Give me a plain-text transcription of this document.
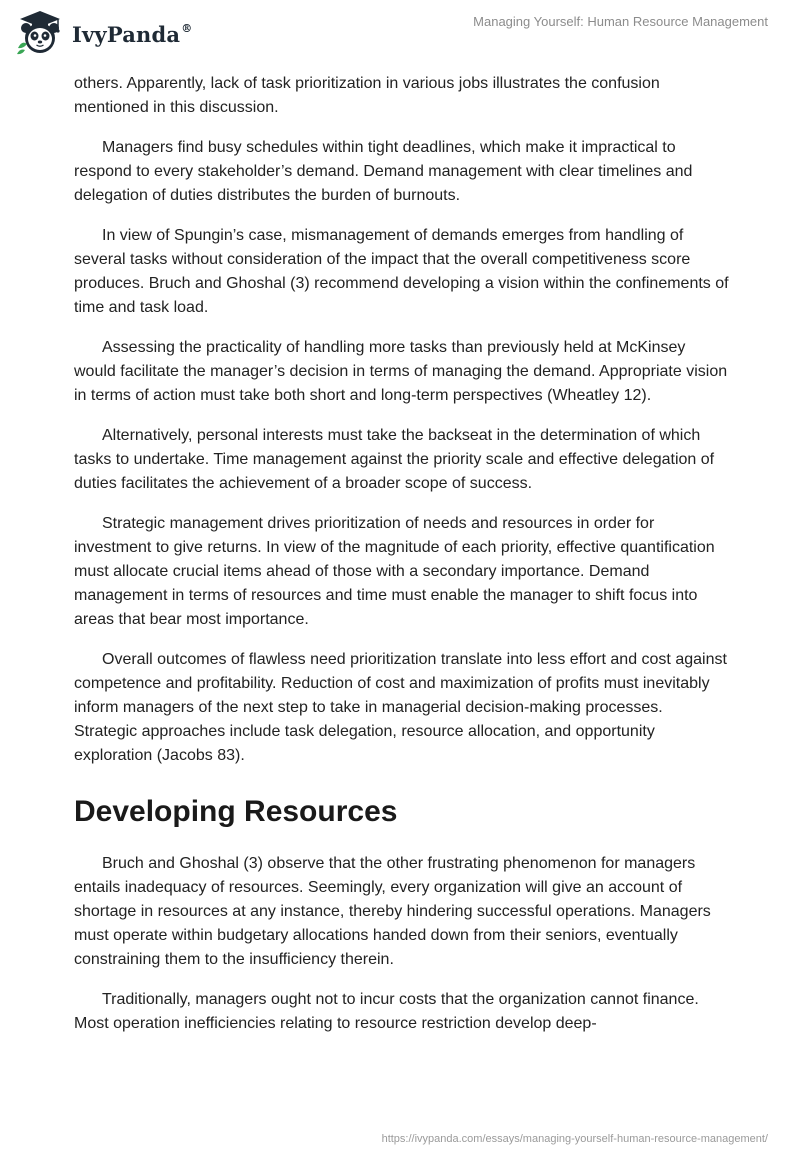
IvyPanda®	Managing Yourself: Human Resource Management

others. Apparently, lack of task prioritization in various jobs illustrates the confusion mentioned in this discussion.

Managers find busy schedules within tight deadlines, which make it impractical to respond to every stakeholder’s demand. Demand management with clear timelines and delegation of duties distributes the burden of burnouts.

In view of Spungin’s case, mismanagement of demands emerges from handling of several tasks without consideration of the impact that the overall competitiveness score produces. Bruch and Ghoshal (3) recommend developing a vision within the confinements of time and task load.

Assessing the practicality of handling more tasks than previously held at McKinsey would facilitate the manager’s decision in terms of managing the demand. Appropriate vision in terms of action must take both short and long-term perspectives (Wheatley 12).

Alternatively, personal interests must take the backseat in the determination of which tasks to undertake. Time management against the priority scale and effective delegation of duties facilitates the achievement of a broader scope of success.

Strategic management drives prioritization of needs and resources in order for investment to give returns. In view of the magnitude of each priority, effective quantification must allocate crucial items ahead of those with a secondary importance. Demand management in terms of resources and time must enable the manager to shift focus into areas that bear most importance.

Overall outcomes of flawless need prioritization translate into less effort and cost against competence and profitability. Reduction of cost and maximization of profits must inevitably inform managers of the next step to take in managerial decision-making processes. Strategic approaches include task delegation, resource allocation, and opportunity exploration (Jacobs 83).

Developing Resources

Bruch and Ghoshal (3) observe that the other frustrating phenomenon for managers entails inadequacy of resources. Seemingly, every organization will give an account of shortage in resources at any instance, thereby hindering successful operations. Managers must operate within budgetary allocations handed down from their seniors, eventually constraining them to the insufficiency therein.

Traditionally, managers ought not to incur costs that the organization cannot finance. Most operation inefficiencies relating to resource restriction develop deep-

https://ivypanda.com/essays/managing-yourself-human-resource-management/
